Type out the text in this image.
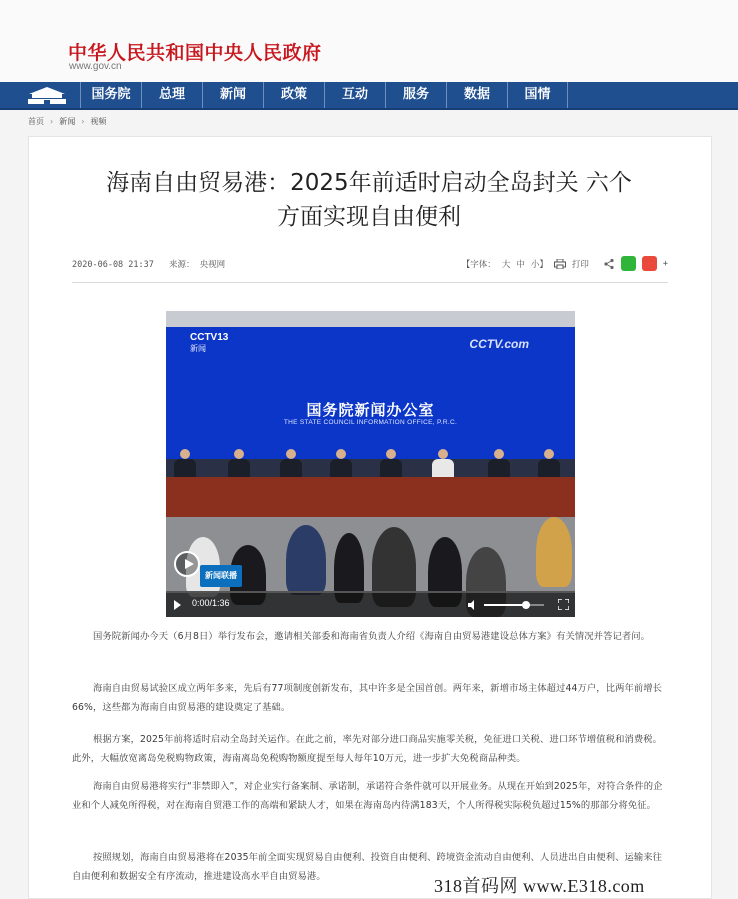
中华人民共和国中央人民政府
www.gov.cn
国务院	总理	新闻	政策	互动	服务	数据	国情
首页 › 新闻 › 视频
海南自由贸易港：2025年前适时启动全岛封关 六个
方面实现自由便利
2020-06-08 21:37 来源： 央视网	【字体： 大 中 小】	打印	+
CCTV13
新闻	CCTV.com
国务院新闻办公室
THE STATE COUNCIL INFORMATION OFFICE, P.R.C.
新闻联播
0:00/1:36
国务院新闻办今天（6月8日）举行发布会，邀请相关部委和海南省负责人介绍《海南自由贸易港建设总体方案》有关情况并答记者问。
海南自由贸易试验区成立两年多来，先后有77项制度创新发布，其中许多是全国首创。两年来，新增市场主体超过44万户，比两年前增长66%，这些都为海南自由贸易港的建设奠定了基础。
根据方案，2025年前将适时启动全岛封关运作。在此之前，率先对部分进口商品实施零关税，免征进口关税、进口环节增值税和消费税。此外，大幅放宽离岛免税购物政策，海南离岛免税购物额度提至每人每年10万元，进一步扩大免税商品种类。
海南自由贸易港将实行“非禁即入”，对企业实行备案制、承诺制，承诺符合条件就可以开展业务。从现在开始到2025年，对符合条件的企业和个人减免所得税，对在海南自贸港工作的高端和紧缺人才，如果在海南岛内待满183天，个人所得税实际税负超过15%的那部分将免征。
按照规划，海南自由贸易港将在2035年前全面实现贸易自由便利、投资自由便利、跨境资金流动自由便利、人员进出自由便利、运输来往自由便利和数据安全有序流动，推进建设高水平自由贸易港。	318首码网 www.E318.com
